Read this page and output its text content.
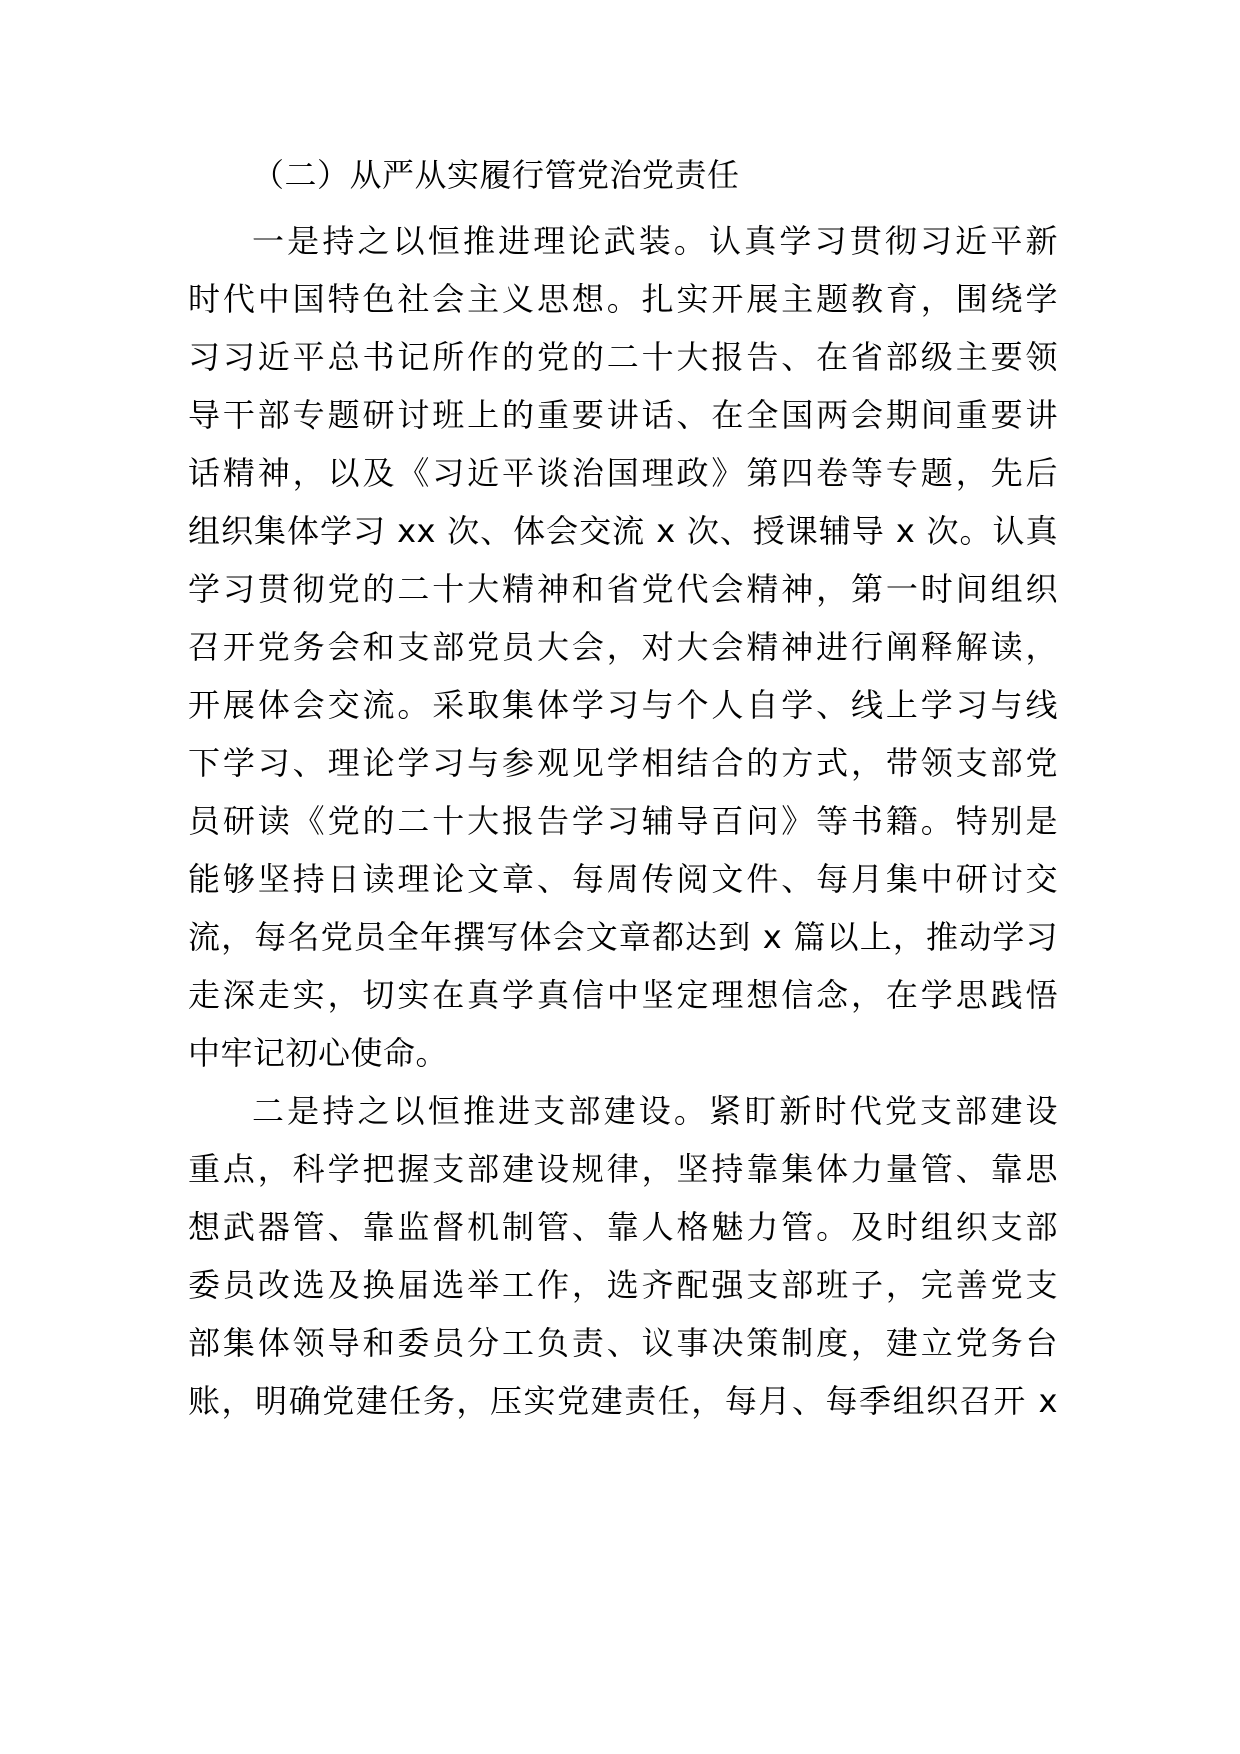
（二）从严从实履行管党治党责任
一是持之以恒推进理论武装。认真学习贯彻习近平新
时代中国特色社会主义思想。扎实开展主题教育，围绕学
习习近平总书记所作的党的二十大报告、在省部级主要领
导干部专题研讨班上的重要讲话、在全国两会期间重要讲
话精神，以及《习近平谈治国理政》第四卷等专题，先后
组织集体学习 xx 次、体会交流 x 次、授课辅导 x 次。认真
学习贯彻党的二十大精神和省党代会精神，第一时间组织
召开党务会和支部党员大会，对大会精神进行阐释解读，
开展体会交流。采取集体学习与个人自学、线上学习与线
下学习、理论学习与参观见学相结合的方式，带领支部党
员研读《党的二十大报告学习辅导百问》等书籍。特别是
能够坚持日读理论文章、每周传阅文件、每月集中研讨交
流，每名党员全年撰写体会文章都达到 x 篇以上，推动学习
走深走实，切实在真学真信中坚定理想信念，在学思践悟
中牢记初心使命。
二是持之以恒推进支部建设。紧盯新时代党支部建设
重点，科学把握支部建设规律，坚持靠集体力量管、靠思
想武器管、靠监督机制管、靠人格魅力管。及时组织支部
委员改选及换届选举工作，选齐配强支部班子，完善党支
部集体领导和委员分工负责、议事决策制度，建立党务台
账，明确党建任务，压实党建责任，每月、每季组织召开 x
